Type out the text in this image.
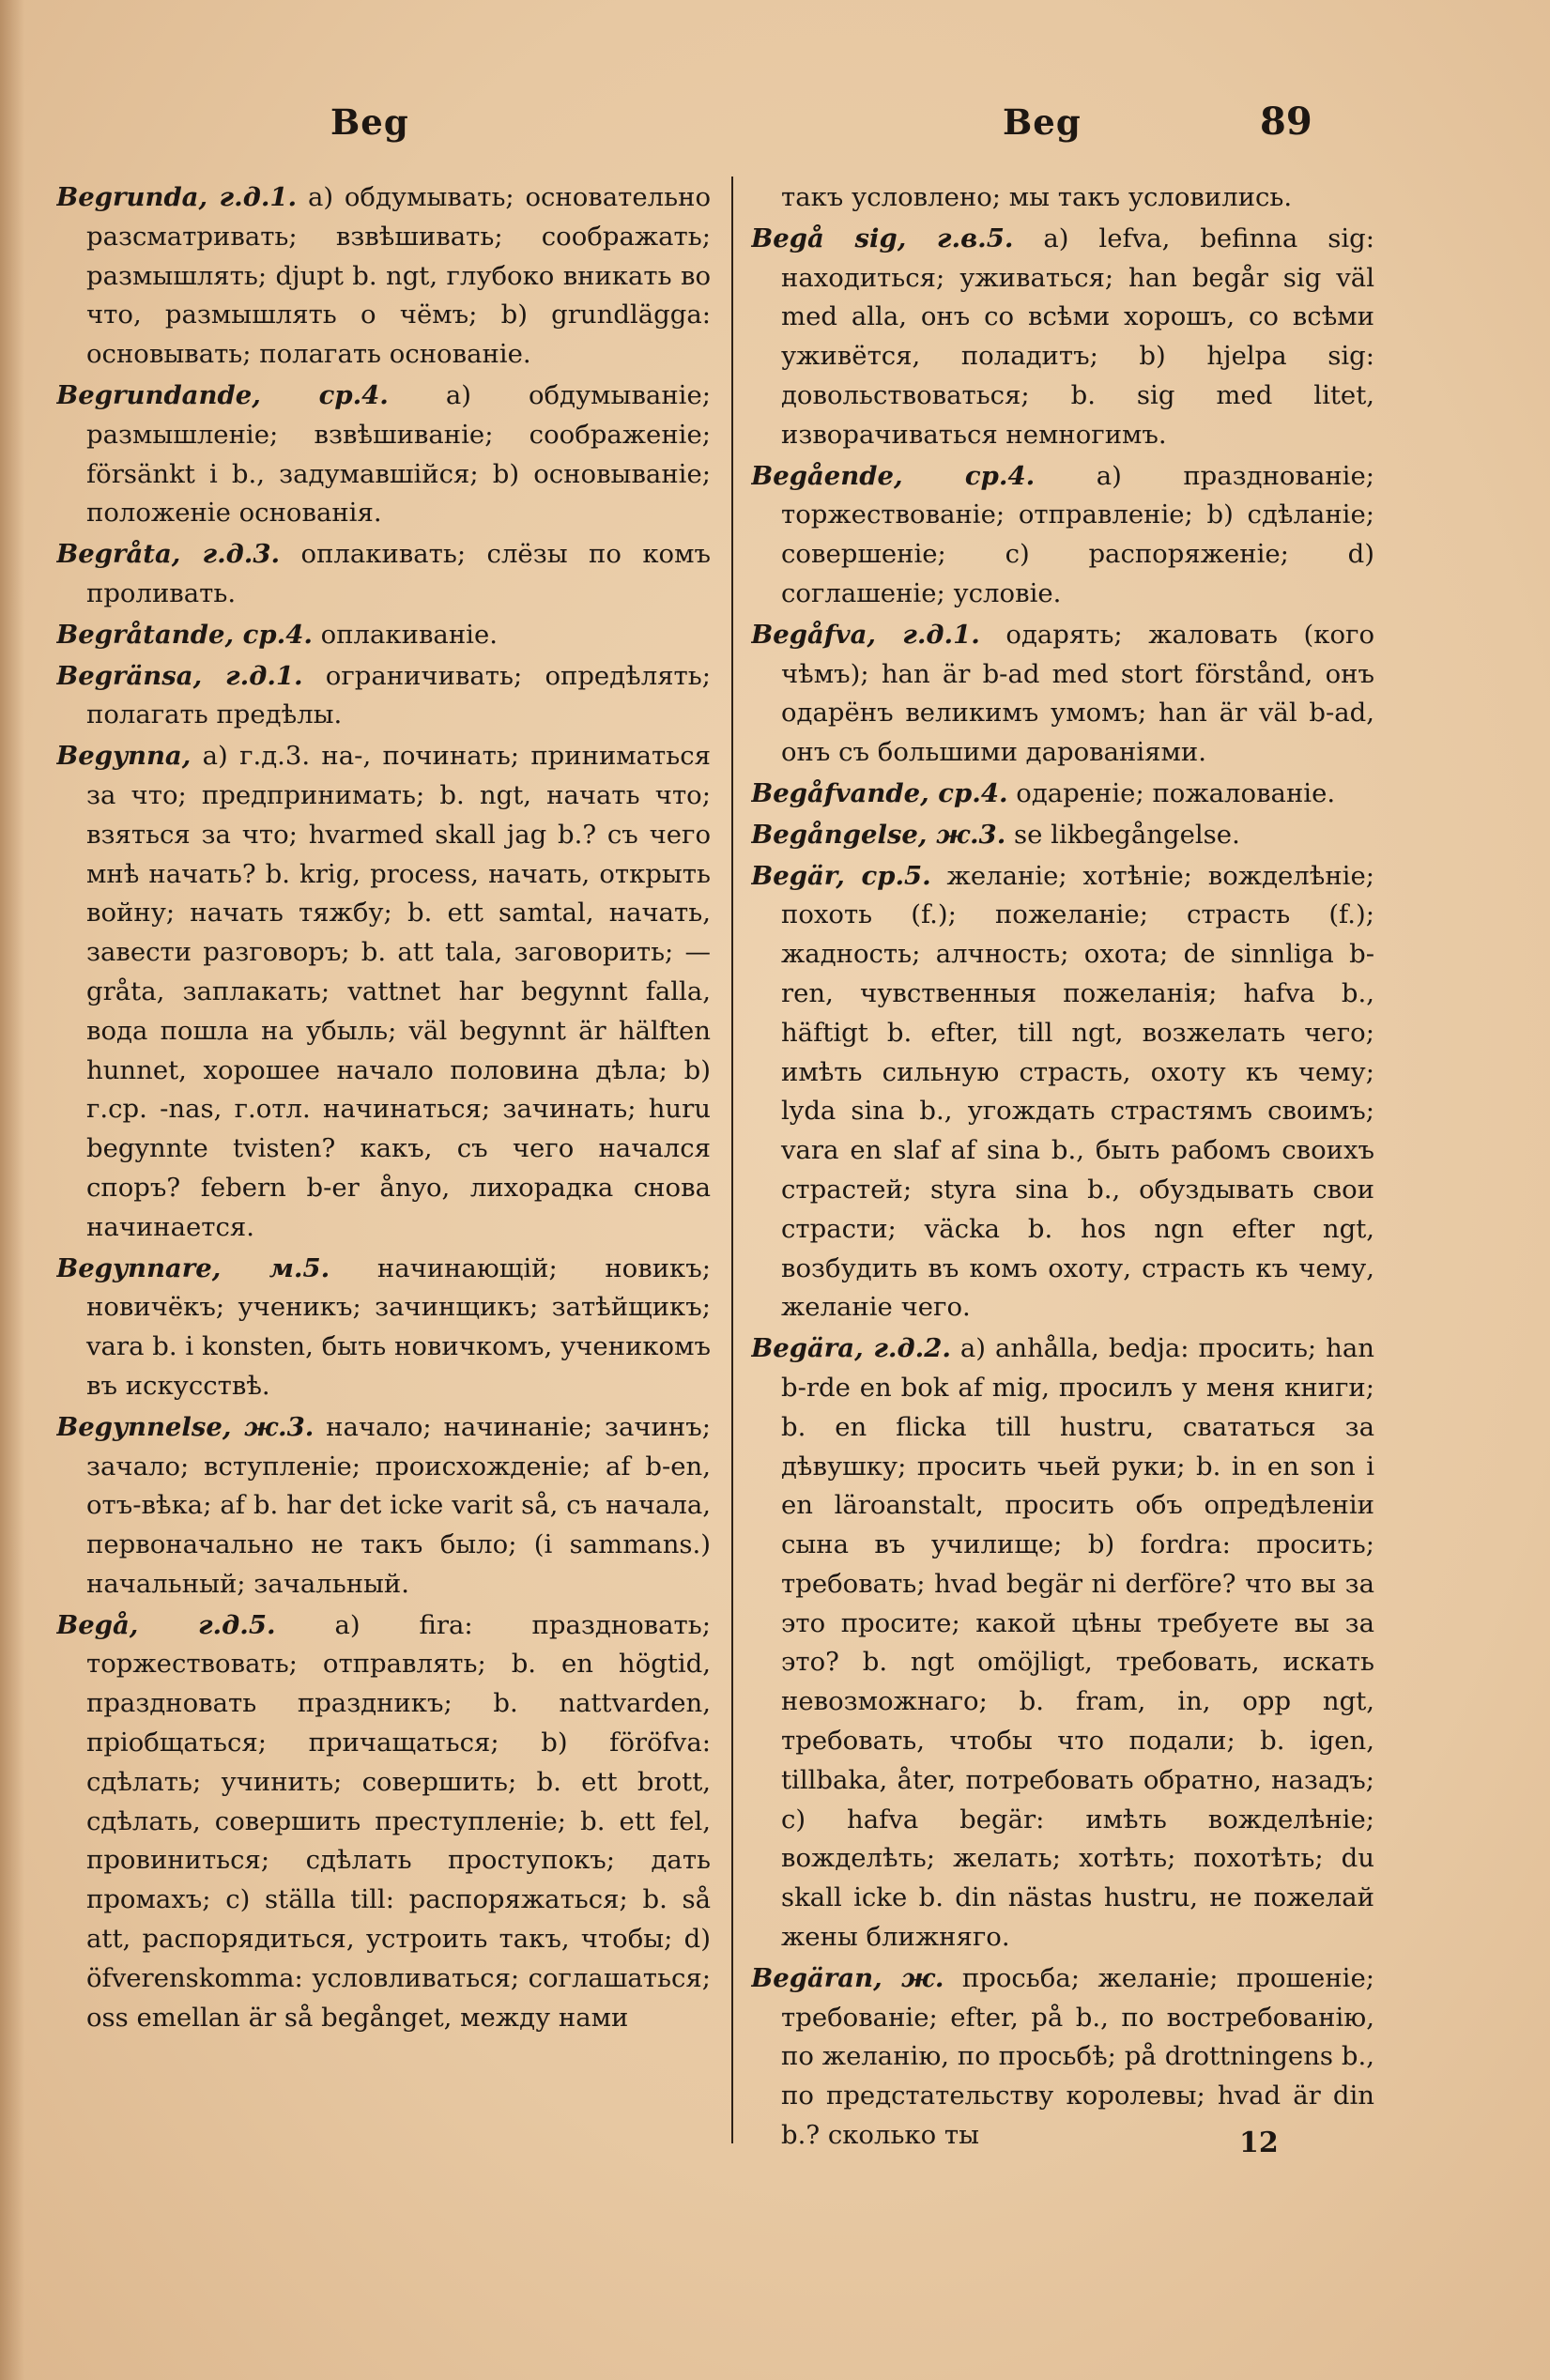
Beg	Beg	89

Begrunda, г.д.1. а) обдумывать; основательно разсматривать; взвѣшивать; соображать; размышлять; djupt b. ngt, глубоко вникать во что, размышлять о чёмъ; b) grundlägga: основывать; полагать основаніе.

Begrundande, ср.4. а) обдумываніе; размышленіе; взвѣшиваніе; соображеніе; försänkt i b., задумавшійся; b) основываніе; положеніе основанія.

Begråta, г.д.3. оплакивать; слёзы по комъ проливать.

Begråtande, ср.4. оплакиваніе.

Begränsa, г.д.1. ограничивать; опредѣлять; полагать предѣлы.

Begynna, а) г.д.3. на-, починать; приниматься за что; предпринимать; b. ngt, начать что; взяться за что; hvarmed skall jag b.? съ чего мнѣ начать? b. krig, process, начать, открыть войну; начать тяжбу; b. ett samtal, начать, завести разговоръ; b. att tala, заговорить; — gråta, заплакать; vattnet har begynnt falla, вода пошла на убыль; väl begynnt är hälften hunnet, хорошее начало половина дѣла; b) г.ср. -nas, г.отл. начинаться; зачинать; huru begynnte tvisten? какъ, съ чего начался споръ? febern b-er ånyo, лихорадка снова начинается.

Begynnare, м.5. начинающій; новикъ; новичёкъ; ученикъ; зачинщикъ; затѣйщикъ; vara b. i konsten, быть новичкомъ, ученикомъ въ искусствѣ.

Begynnelse, ж.3. начало; начинаніе; зачинъ; зачало; вступленіе; происхожденіе; af b-en, отъ-вѣка; af b. har det icke varit så, съ начала, первоначально не такъ было; (i sammans.) начальный; зачальный.

Begå, г.д.5. а) fira: праздновать; торжествовать; отправлять; b. en högtid, праздновать праздникъ; b. nattvarden, пріобщаться; причащаться; b) föröfva: сдѣлать; учинить; совершить; b. ett brott, сдѣлать, совершить преступленіе; b. ett fel, провиниться; сдѣлать проступокъ; дать промахъ; c) ställa till: распоряжаться; b. så att, распорядиться, устроить такъ, чтобы; d) öfverenskomma: условливаться; соглашаться; oss emellan är så begånget, между нами

такъ условлено; мы такъ условились.

Begå sig, г.в.5. а) lefva, befinna sig: находиться; уживаться; han begår sig väl med alla, онъ со всѣми хорошъ, со всѣми уживётся, поладитъ; b) hjelpa sig: довольствоваться; b. sig med litet, изворачиваться немногимъ.

Begående, ср.4. а) празднованіе; торжествованіе; отправленіе; b) сдѣланіе; совершеніе; c) распоряженіе; d) соглашеніе; условіе.

Begåfva, г.д.1. одарять; жаловать (кого чѣмъ); han är b-ad med stort förstånd, онъ одарёнъ великимъ умомъ; han är väl b-ad, онъ съ большими дарованіями.

Begåfvande, ср.4. одареніе; пожалованіе.

Begångelse, ж.3. se likbegångelse.

Begär, ср.5. желаніе; хотѣніе; вожделѣніе; похоть (f.); пожеланіе; страсть (f.); жадность; алчность; охота; de sinnliga b-ren, чувственныя пожеланія; hafva b., häftigt b. efter, till ngt, возжелать чего; имѣть сильную страсть, охоту къ чему; lyda sina b., угождать страстямъ своимъ; vara en slaf af sina b., быть рабомъ своихъ страстей; styra sina b., обуздывать свои страсти; väcka b. hos ngn efter ngt, возбудить въ комъ охоту, страсть къ чему, желаніе чего.

Begära, г.д.2. а) anhålla, bedja: просить; han b-rde en bok af mig, просилъ у меня книги; b. en flicka till hustru, свататься за дѣвушку; просить чьей руки; b. in en son i en läroanstalt, просить объ опредѣленіи сына въ училище; b) fordra: просить; требовать; hvad begär ni derföre? что вы за это просите; какой цѣны требуете вы за это? b. ngt omöjligt, требовать, искать невозможнаго; b. fram, in, opp ngt, требовать, чтобы что подали; b. igen, tillbaka, åter, потребовать обратно, назадъ; c) hafva begär: имѣть вожделѣніе; вожделѣть; желать; хотѣть; похотѣть; du skall icke b. din nästas hustru, не пожелай жены ближняго.

Begäran, ж. просьба; желаніе; прошеніе; требованіе; efter, på b., по востребованію, по желанію, по просьбѣ; på drottningens b., по предстательству королевы; hvad är din b.? сколько ты	12
